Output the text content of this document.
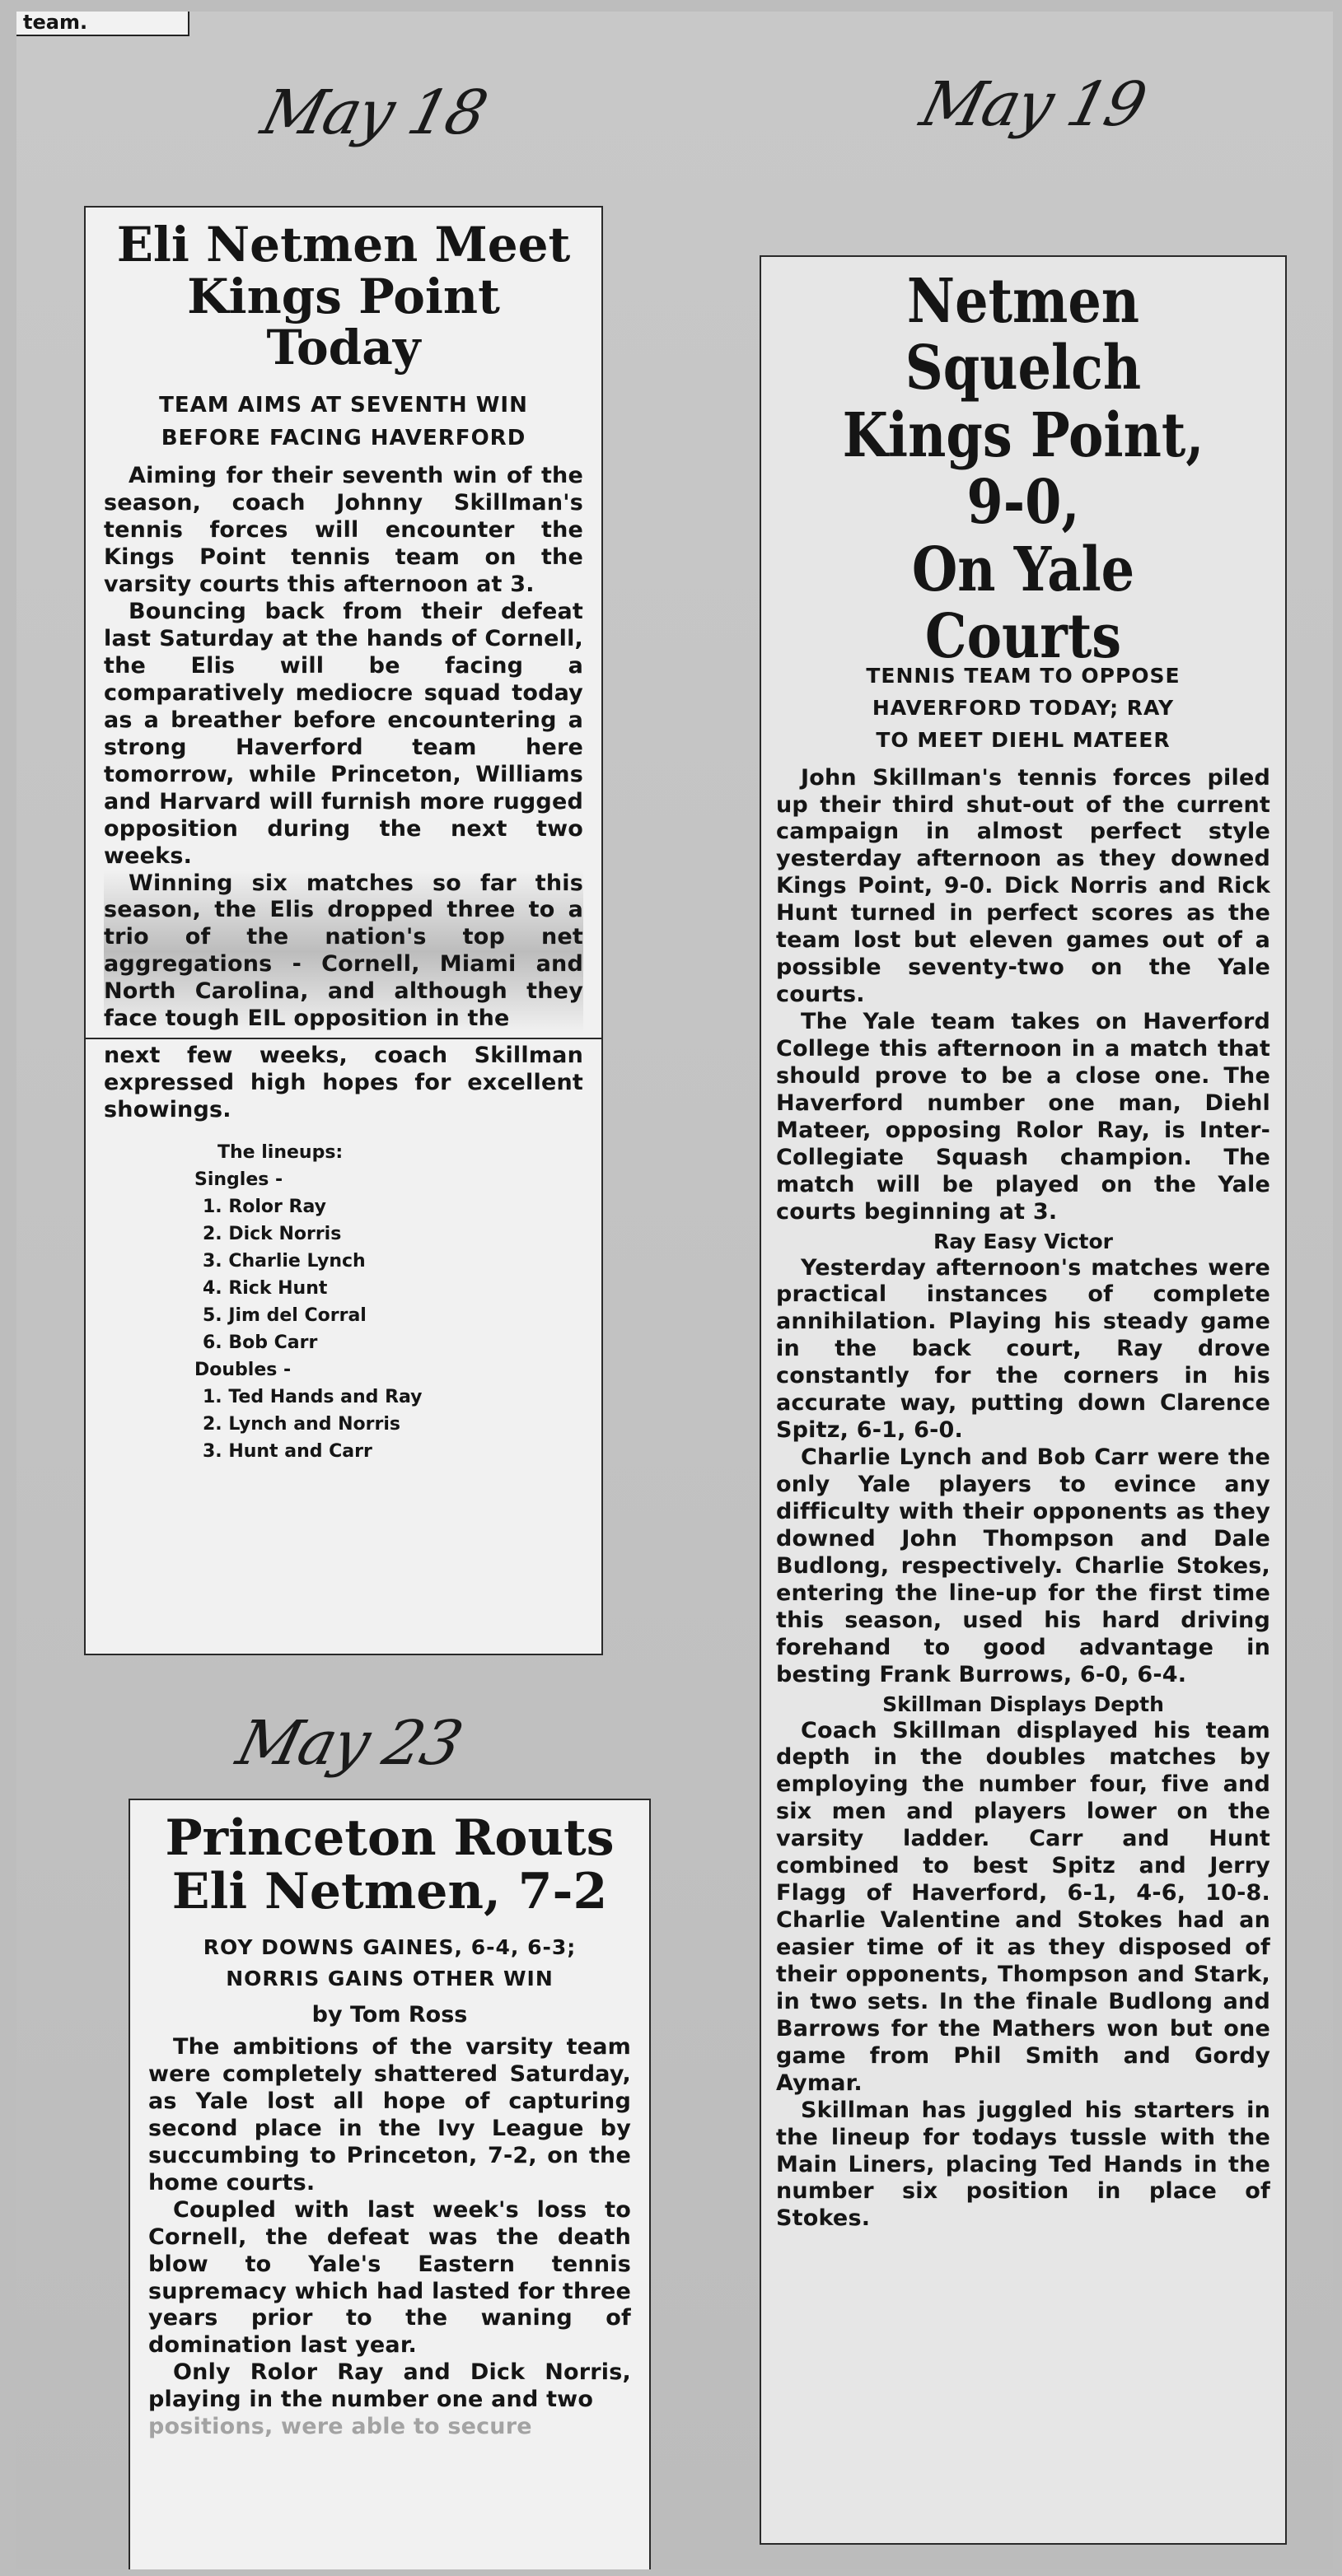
team.
May 18	May 19
May 23
Eli Netmen Meet
Kings Point Today
TEAM AIMS AT SEVENTH WIN
BEFORE FACING HAVERFORD

Aiming for their seventh win of the season, coach Johnny Skillman's tennis forces will encounter the Kings Point tennis team on the varsity courts this afternoon at 3.

Bouncing back from their defeat last Saturday at the hands of Cornell, the Elis will be facing a comparatively mediocre squad today as a breather before encountering a strong Haverford team here tomorrow, while Princeton, Williams and Harvard will furnish more rugged opposition during the next two weeks.

Winning six matches so far this season, the Elis dropped three to a trio of the nation's top net aggregations - Cornell, Miami and North Carolina, and although they face tough EIL opposition in the

next few weeks, coach Skillman expressed high hopes for excellent showings.

The lineups:
Singles -
1. Rolor Ray
2. Dick Norris
3. Charlie Lynch
4. Rick Hunt
5. Jim del Corral
6. Bob Carr
Doubles -
1. Ted Hands and Ray
2. Lynch and Norris
3. Hunt and Carr
Netmen Squelch
Kings Point, 9-0,
On Yale Courts
TENNIS TEAM TO OPPOSE
HAVERFORD TODAY; RAY
TO MEET DIEHL MATEER

John Skillman's tennis forces piled up their third shut-out of the current campaign in almost perfect style yesterday afternoon as they downed Kings Point, 9-0. Dick Norris and Rick Hunt turned in perfect scores as the team lost but eleven games out of a possible seventy-two on the Yale courts.

The Yale team takes on Haverford College this afternoon in a match that should prove to be a close one. The Haverford number one man, Diehl Mateer, opposing Rolor Ray, is Inter-Collegiate Squash champion. The match will be played on the Yale courts beginning at 3.

Ray Easy Victor

Yesterday afternoon's matches were practical instances of complete annihilation. Playing his steady game in the back court, Ray drove constantly for the corners in his accurate way, putting down Clarence Spitz, 6-1, 6-0.

Charlie Lynch and Bob Carr were the only Yale players to evince any difficulty with their opponents as they downed John Thompson and Dale Budlong, respectively. Charlie Stokes, entering the line-up for the first time this season, used his hard driving forehand to good advantage in besting Frank Burrows, 6-0, 6-4.

Skillman Displays Depth

Coach Skillman displayed his team depth in the doubles matches by employing the number four, five and six men and players lower on the varsity ladder. Carr and Hunt combined to best Spitz and Jerry Flagg of Haverford, 6-1, 4-6, 10-8. Charlie Valentine and Stokes had an easier time of it as they disposed of their opponents, Thompson and Stark, in two sets. In the finale Budlong and Barrows for the Mathers won but one game from Phil Smith and Gordy Aymar.

Skillman has juggled his starters in the lineup for todays tussle with the Main Liners, placing Ted Hands in the number six position in place of Stokes.

Princeton Routs
Eli Netmen, 7-2
ROY DOWNS GAINES, 6-4, 6-3;
NORRIS GAINS OTHER WIN
by Tom Ross

The ambitions of the varsity team were completely shattered Saturday, as Yale lost all hope of capturing second place in the Ivy League by succumbing to Princeton, 7-2, on the home courts.

Coupled with last week's loss to Cornell, the defeat was the death blow to Yale's Eastern tennis supremacy which had lasted for three years prior to the waning of domination last year.

Only Rolor Ray and Dick Norris, playing in the number one and two

positions, were able to secure
